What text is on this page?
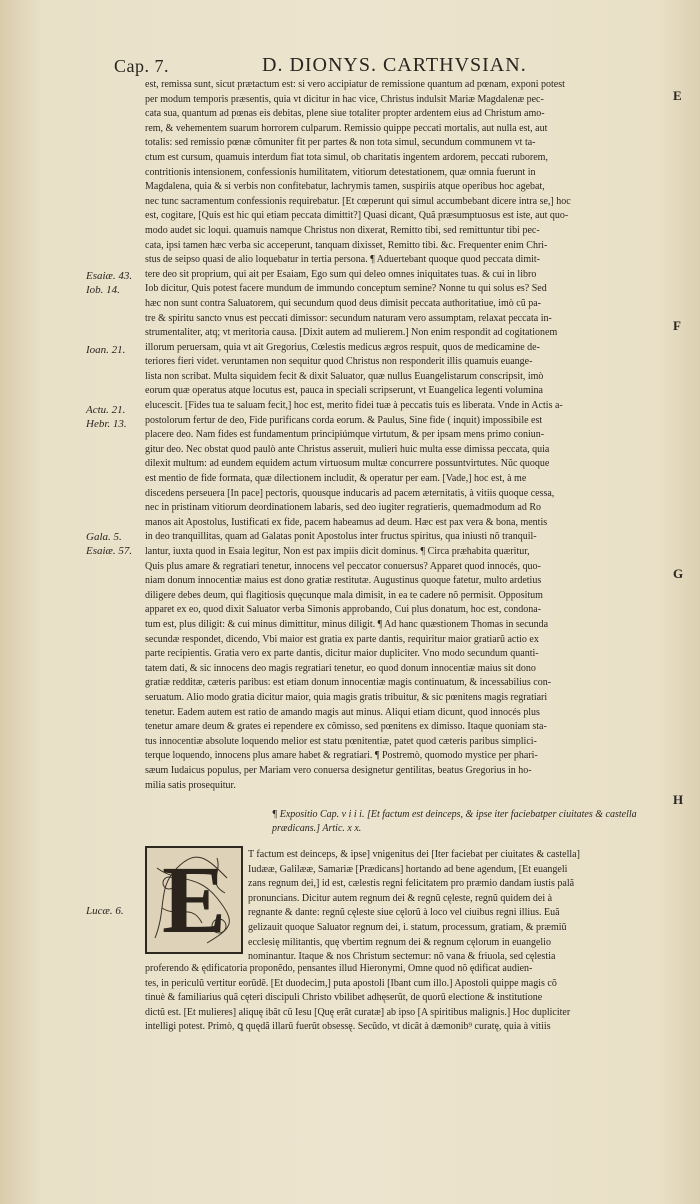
Cap. 7.	D. DIONYS. CARTHVSIAN.
Esaiæ. 43.
Iob. 14.
Ioan. 21.
Actu. 21.
Hebr. 13.
Gala. 5.
Esaiæ. 57.
Lucæ. 6.
E
F
G
H
est, remissa sunt, sicut prætactum est: si vero accipiatur de remissione quantum ad pœnam, exponi potest
per modum temporis præsentis, quia vt dicitur in hac vice, Christus indulsit Mariæ Magdalenæ pec-
cata sua, quantum ad pœnas eis debitas, plene siue totaliter propter ardentem eius ad Christum amo-
rem, & vehementem suarum horrorem culparum. Remissio quippe peccati mortalis, aut nulla est, aut
totalis: sed remissio pœnæ cõmuniter fit per partes & non tota simul, secundum communem vt ta-
ctum est cursum, quamuis interdum fiat tota simul, ob charitatis ingentem ardorem, peccati ruborem,
contritionis intensionem, confessionis humilitatem, vitiorum detestationem, quæ omnia fuerunt in
Magdalena, quia & si verbis non confitebatur, lachrymis tamen, suspiriis atque operibus hoc agebat,
nec tunc sacramentum confessionis requirebatur. [Et cœperunt qui simul accumbebant dicere intra se,] hoc
est, cogitare, [Quis est hic qui etiam peccata dimittit?] Quasi dicant, Quã præsumptuosus est iste, aut quo-
modo audet sic loqui. quamuis namque Christus non dixerat, Remitto tibi, sed remittuntur tibi pec-
cata, ipsi tamen hæc verba sic acceperunt, tanquam dixisset, Remitto tibi. &c. Frequenter enim Chri-
stus de seipso quasi de alio loquebatur in tertia persona. ¶ Aduertebant quoque quod peccata dimit-
tere deo sit proprium, qui ait per Esaiam, Ego sum qui deleo omnes iniquitates tuas. & cui in libro
Iob dicitur, Quis potest facere mundum de immundo conceptum semine? Nonne tu qui solus es? Sed
hæc non sunt contra Saluatorem, qui secundum quod deus dimisit peccata authoritatiue, imò cũ pa-
tre & spiritu sancto vnus est peccati dimissor: secundum naturam vero assumptam, relaxat peccata in-
strumentaliter, atq; vt meritoria causa. [Dixit autem ad mulierem.] Non enim respondit ad cogitationem
illorum peruersam, quia vt ait Gregorius, Cœlestis medicus ægros respuit, quos de medicamine de-
teriores fieri videt. veruntamen non sequitur quod Christus non responderit illis quamuis euange-
lista non scribat. Multa siquidem fecit & dixit Saluator, quæ nullus Euangelistarum conscripsit, imò
eorum quæ operatus atque locutus est, pauca in speciali scripserunt, vt Euangelica legenti volumina
elucescit. [Fides tua te saluam fecit,] hoc est, merito fidei tuæ à peccatis tuis es liberata. Vnde in Actis a-
postolorum fertur de deo, Fide purificans corda eorum. & Paulus, Sine fide ( inquit) impossibile est
placere deo. Nam fides est fundamentum principiúmque virtutum, & per ipsam mens primo coniun-
gitur deo. Nec obstat quod paulò ante Christus asseruit, mulieri huic multa esse dimissa peccata, quia
dilexit multum: ad eundem equidem actum virtuosum multæ concurrere possuntvirtutes. Nũc quoque
est mentio de fide formata, quæ dilectionem includit, & operatur per eam. [Vade,] hoc est, à me
discedens perseuera [In pace] pectoris, quousque inducaris ad pacem æternitatis, à vitiis quoque cessa,
nec in pristinam vitiorum deordinationem labaris, sed deo iugiter regratieris, quemadmodum ad Ro
manos ait Apostolus, Iustificati ex fide, pacem habeamus ad deum. Hæc est pax vera & bona, mentis
in deo tranquillitas, quam ad Galatas ponit Apostolus inter fructus spiritus, qua iniusti nõ tranquil-
lantur, iuxta quod in Esaia legitur, Non est pax impiis dicit dominus. ¶ Circa præhabita quæritur,
Quis plus amare & regratiari tenetur, innocens vel peccator conuersus? Apparet quod innocés, quo-
niam donum innocentiæ maius est dono gratiæ restitutæ. Augustinus quoque fatetur, multo ardetius
diligere debes deum, qui flagitiosis quęcunque mala dimisit, in ea te cadere nõ permisit. Oppositum
apparet ex eo, quod dixit Saluator verba Simonis approbando, Cui plus donatum, hoc est, condona-
tum est, plus diligit: & cui minus dimittitur, minus diligit. ¶ Ad hanc quæstionem Thomas in secunda
secundæ respondet, dicendo, Vbi maior est gratia ex parte dantis, requiritur maior gratiarũ actio ex
parte recipientis. Gratia vero ex parte dantis, dicitur maior dupliciter. Vno modo secundum quanti-
tatem dati, & sic innocens deo magis regratiari tenetur, eo quod donum innocentiæ maius sit dono
gratiæ redditæ, cæteris paribus: est etiam donum innocentiæ magis continuatum, & incessabilius con-
seruatum. Alio modo gratia dicitur maior, quia magis gratis tribuitur, & sic pœnitens magis regratiari
tenetur. Eadem autem est ratio de amando magis aut minus. Aliqui etiam dicunt, quod innocés plus
tenetur amare deum & grates ei rependere ex cõmisso, sed pœnitens ex dimisso. Itaque quoniam sta-
tus innocentiæ absolute loquendo melior est statu pœnitentiæ, patet quod cæteris paribus simplici-
terque loquendo, innocens plus amare habet & regratiari. ¶ Postremò, quomodo mystice per phari-
sæum Iudaicus populus, per Mariam vero conuersa designetur gentilitas, beatus Gregorius in ho-
milia satis prosequitur.
¶ Expositio Cap. v i i i. [Et factum est deinceps, & ipse iter faciebatper ciuitates & castella prædicans.] Artic. x x.
E	T factum est deinceps, & ipse] vnigenitus dei [Iter faciebat per ciuitates & castella]
Iudææ, Galilææ, Samariæ [Prædicans] hortando ad bene agendum, [Et euangeli
zans regnum dei,] id est, cælestis regni felicitatem pro præmio dandam iustis palã
pronuncians. Dicitur autem regnum dei & regnũ cęleste, regnũ quidem dei à
regnante & dante: regnũ cęleste siue cęlorũ à loco vel ciuibus regni illius. Euã
gelizauit quoque Saluator regnum dei, i. statum, processum, gratiam, & præmiũ
ecclesię militantis, quę vbertim regnum dei & regnum cęlorum in euangelio
nominantur. Itaque & nos Christum sectemur: nõ vana & friuola, sed cęlestia
proferendo & ędificatoria proponẽdo, pensantes illud Hieronymi, Omne quod nõ ędificat audien-
tes, in periculũ vertitur eorũdẽ. [Et duodecim,] puta apostoli [Ibant cum illo.] Apostoli quippe magis cõ
tinuè & familiarius quã cęteri discipuli Christo vbilibet adhęserũt, de quorũ electione & institutione
dictũ est. [Et mulieres] aliquę ibãt cũ Iesu [Quę erãt curatæ] ab ipso [A spiritibus malignis.] Hoc dupliciter
intelligi potest. Primò, ꝗ quędã illarũ fuerũt obsessę. Secũdo, vt dicãt à dæmonib⁹ curatę, quia à vitiis
